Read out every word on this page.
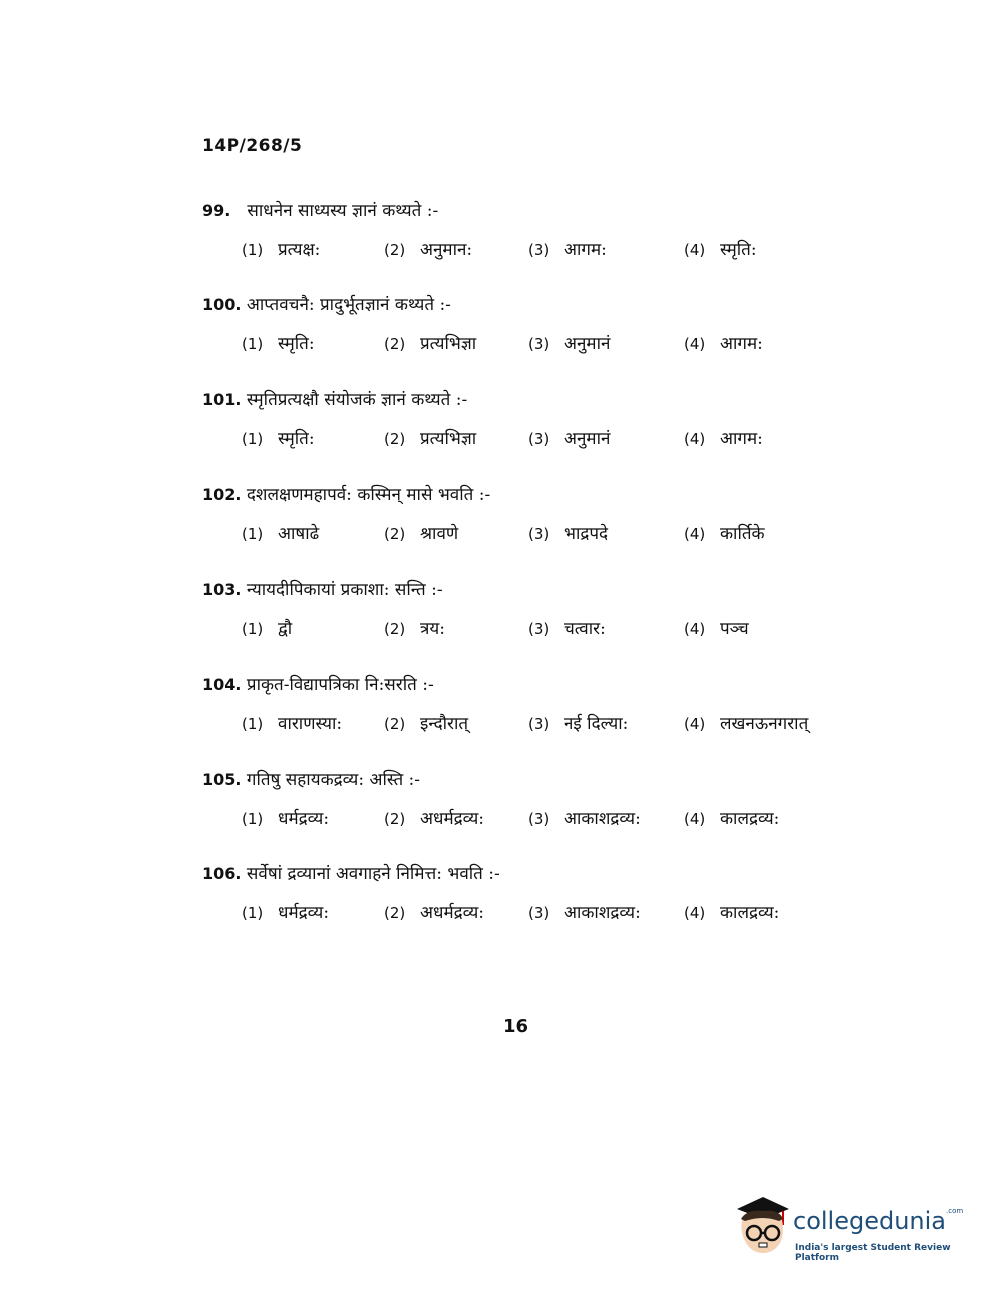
14P/268/5
99. साधनेन साध्यस्य ज्ञानं कथ्यते :-
(1) प्रत्यक्ष:	(2) अनुमान:	(3) आगम:	(4) स्मृति:
100. आप्तवचनै: प्रादुर्भूतज्ञानं कथ्यते :-
(1) स्मृति:	(2) प्रत्यभिज्ञा	(3) अनुमानं	(4) आगम:
101. स्मृतिप्रत्यक्षौ संयोजकं ज्ञानं कथ्यते :-
(1) स्मृति:	(2) प्रत्यभिज्ञा	(3) अनुमानं	(4) आगम:
102. दशलक्षणमहापर्व: कस्मिन् मासे भवति :-
(1) आषाढे	(2) श्रावणे	(3) भाद्रपदे	(4) कार्तिके
103. न्यायदीपिकायां प्रकाशा: सन्ति :-
(1) द्वौ	(2) त्रय:	(3) चत्वार:	(4) पञ्च
104. प्राकृत-विद्यापत्रिका नि:सरति :-
(1) वाराणस्या:	(2) इन्दौरात्	(3) नई दिल्या:	(4) लखनऊनगरात्
105. गतिषु सहायकद्रव्य: अस्ति :-
(1) धर्मद्रव्य:	(2) अधर्मद्रव्य:	(3) आकाशद्रव्य:	(4) कालद्रव्य:
106. सर्वेषां द्रव्यानां अवगाहने निमित्त: भवति :-
(1) धर्मद्रव्य:	(2) अधर्मद्रव्य:	(3) आकाशद्रव्य:	(4) कालद्रव्य:
16
collegedunia$^{.com}$
India's largest Student Review Platform
